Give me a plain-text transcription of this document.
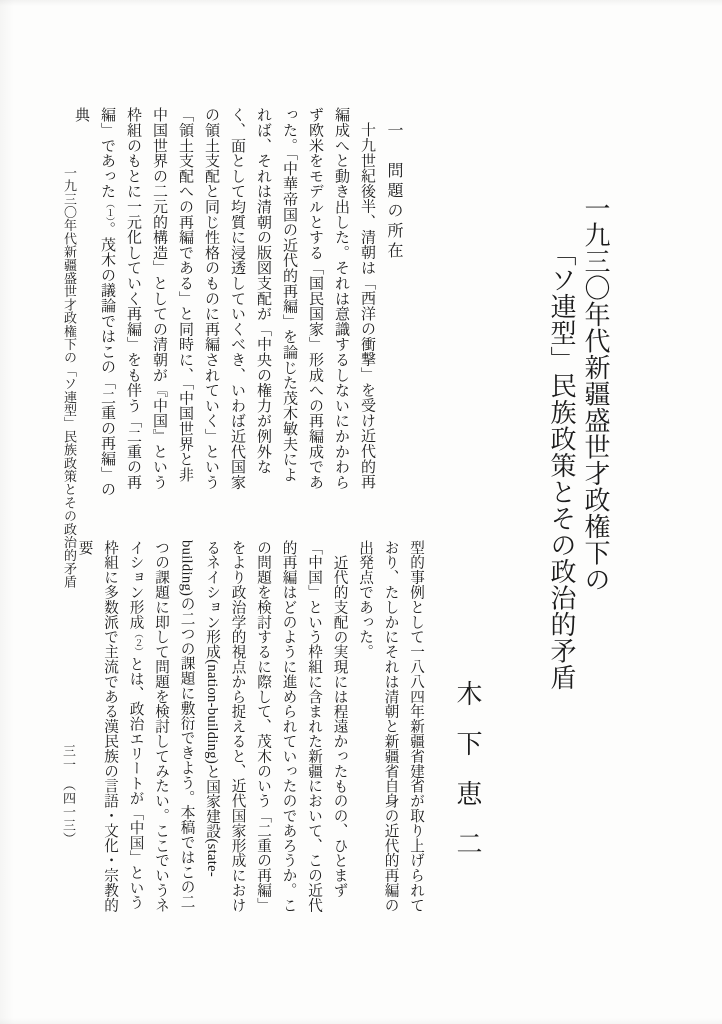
一九三〇年代新疆盛世才政権下の
「ソ連型」民族政策とその政治的矛盾
木下恵二
一　問題の所在

十九世紀後半、清朝は「西洋の衝撃」を受け近代的再編成へと動き出した。それは意識するしないにかかわらず欧米をモデルとする「国民国家」形成への再編成であった。「中華帝国の近代的再編」を論じた茂木敏夫によれば、それは清朝の版図支配が「中央の権力が例外なく、面として均質に浸透していくべき、いわば近代国家の領土支配と同じ性格のものに再編されていく」という「領土支配への再編である」と同時に、「中国世界と非中国世界の二元的構造」としての清朝が『中国』という枠組のもとに一元化していく再編」をも伴う「二重の再編」であった（１）。茂木の議論ではこの「二重の再編」の典

型的事例として一八八四年新疆省建省が取り上げられており、たしかにそれは清朝と新疆省自身の近代的再編の出発点であった。

近代的支配の実現には程遠かったものの、ひとまず「中国」という枠組に含まれた新疆において、この近代的再編はどのように進められていったのであろうか。この問題を検討するに際して、茂木のいう「二重の再編」をより政治学的視点から捉えると、近代国家形成におけるネイション形成(nation-building)と国家建設(state-building)の二つの課題に敷衍できよう。本稿ではこの二つの課題に即して問題を検討してみたい。ここでいうネイション形成（２）とは、政治エリートが「中国」という枠組に多数派で主流である漢民族の言語・文化・宗教的要

一九三〇年代新疆盛世才政権下の「ソ連型」民族政策とその政治的矛盾
三一　（四一三）
